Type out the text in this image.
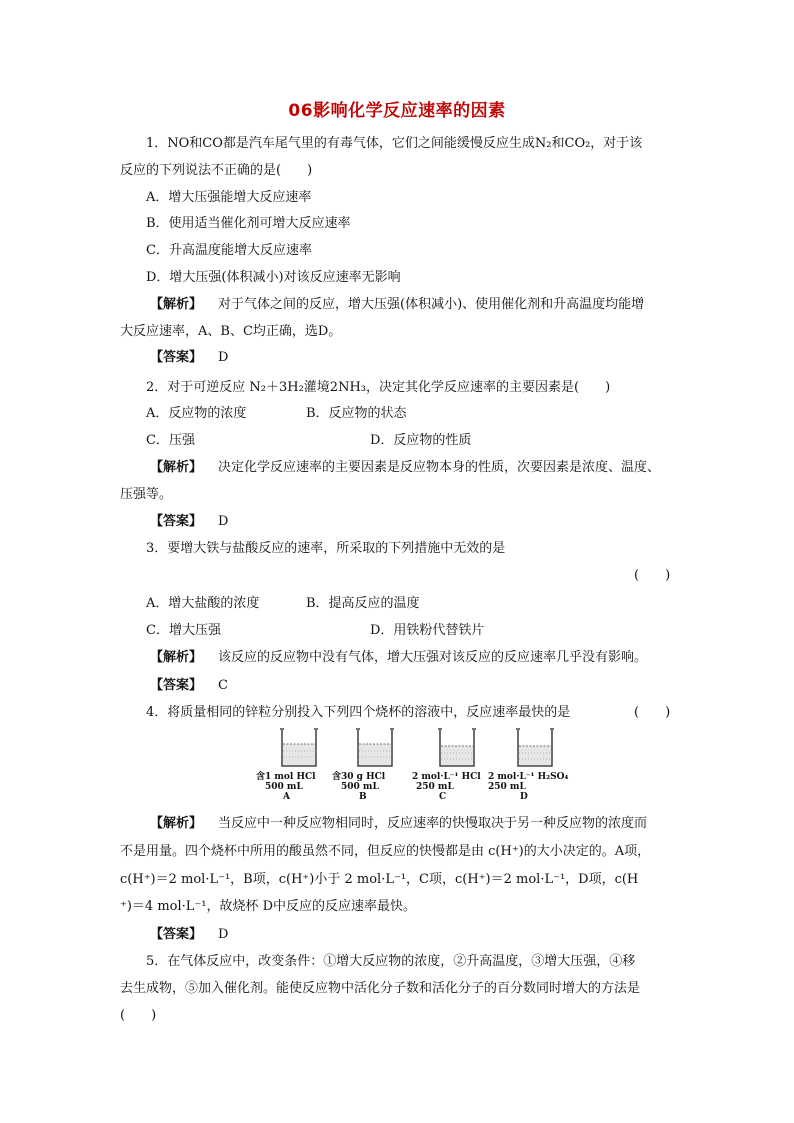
06影响化学反应速率的因素
1．NO和CO都是汽车尾气里的有毒气体，它们之间能缓慢反应生成N₂和CO₂，对于该
反应的下列说法不正确的是(　　)
A．增大压强能增大反应速率
B．使用适当催化剂可增大反应速率
C．升高温度能增大反应速率
D．增大压强(体积减小)对该反应速率无影响
【解析】 对于气体之间的反应，增大压强(体积减小)、使用催化剂和升高温度均能增
大反应速率，A、B、C均正确，选D。
【答案】 D
2．对于可逆反应 N₂＋3H₂灌境2NH₃，决定其化学反应速率的主要因素是(　　)
A．反应物的浓度	B．反应物的状态
C．压强	D．反应物的性质
【解析】 决定化学反应速率的主要因素是反应物本身的性质，次要因素是浓度、温度、
压强等。
【答案】 D
3．要增大铁与盐酸反应的速率，所采取的下列措施中无效的是
(　　)
A．增大盐酸的浓度	B．提高反应的温度
C．增大压强	D．用铁粉代替铁片
【解析】 该反应的反应物中没有气体，增大压强对该反应的反应速率几乎没有影响。
【答案】 C
4．将质量相同的锌粒分别投入下列四个烧杯的溶液中，反应速率最快的是	(　　)
含1 mol HCl
500 mL
A
含30 g HCl
500 mL
B
2 mol·L⁻¹ HCl
250 mL
C
2 mol·L⁻¹ H₂SO₄
250 mL
D
【解析】 当反应中一种反应物相同时，反应速率的快慢取决于另一种反应物的浓度而
不是用量。四个烧杯中所用的酸虽然不同，但反应的快慢都是由 c(H⁺)的大小决定的。A项，
c(H⁺)＝2 mol·L⁻¹，B项，c(H⁺)小于 2 mol·L⁻¹，C项，c(H⁺)＝2 mol·L⁻¹，D项，c(H
⁺)＝4 mol·L⁻¹，故烧杯 D中反应的反应速率最快。
【答案】 D
5．在气体反应中，改变条件：①增大反应物的浓度，②升高温度，③增大压强，④移
去生成物，⑤加入催化剂。能使反应物中活化分子数和活化分子的百分数同时增大的方法是
(　　)
